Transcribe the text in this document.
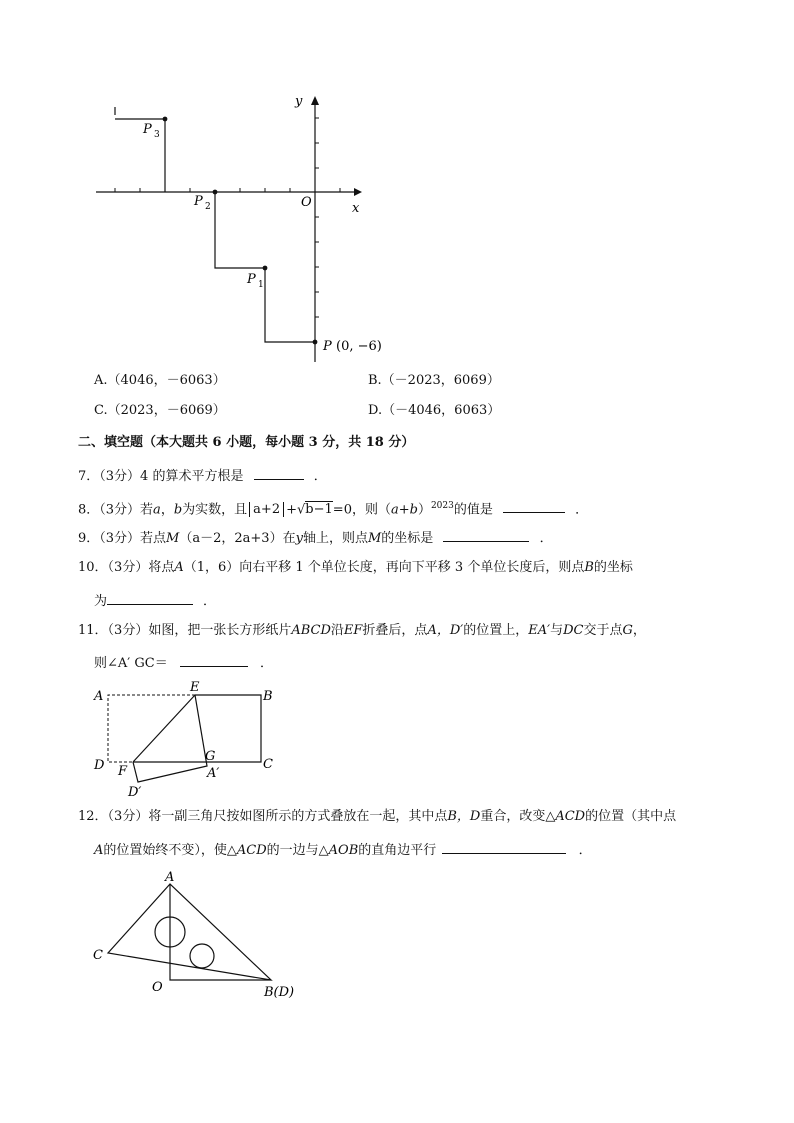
y
x
O
P 3
P 2
P 1
P (0, −6)
A.（4046，－6063）	B.（－2023，6069）
C.（2023，－6069）	D.（－4046，6063）
二、填空题（本大题共 6 小题，每小题 3 分，共 18 分）
7．（3分）4 的算术平方根是	．
8．（3分）若a，b为实数，且 a+2 +√b−1=0，则$(a+b)^{2023}$的值是	．
9．（3分）若点M（a－2，2a+3）在y轴上，则点M的坐标是	．
10．（3分）将点A（1，6）向右平移 1 个单位长度，再向下平移 3 个单位长度后，则点B的坐标
为	．
11．（3分）如图，把一张长方形纸片ABCD沿EF折叠后，点A，D′的位置上，EA′与DC交于点G，
则∠A′ GC＝	．
A
E
B
D F
G
A′
C
D′
12．（3分）将一副三角尺按如图所示的方式叠放在一起，其中点B，D重合，改变△ACD的位置（其中点
A的位置始终不变），使△ACD的一边与△AOB的直角边平行	．
A
C
O	B(D)
